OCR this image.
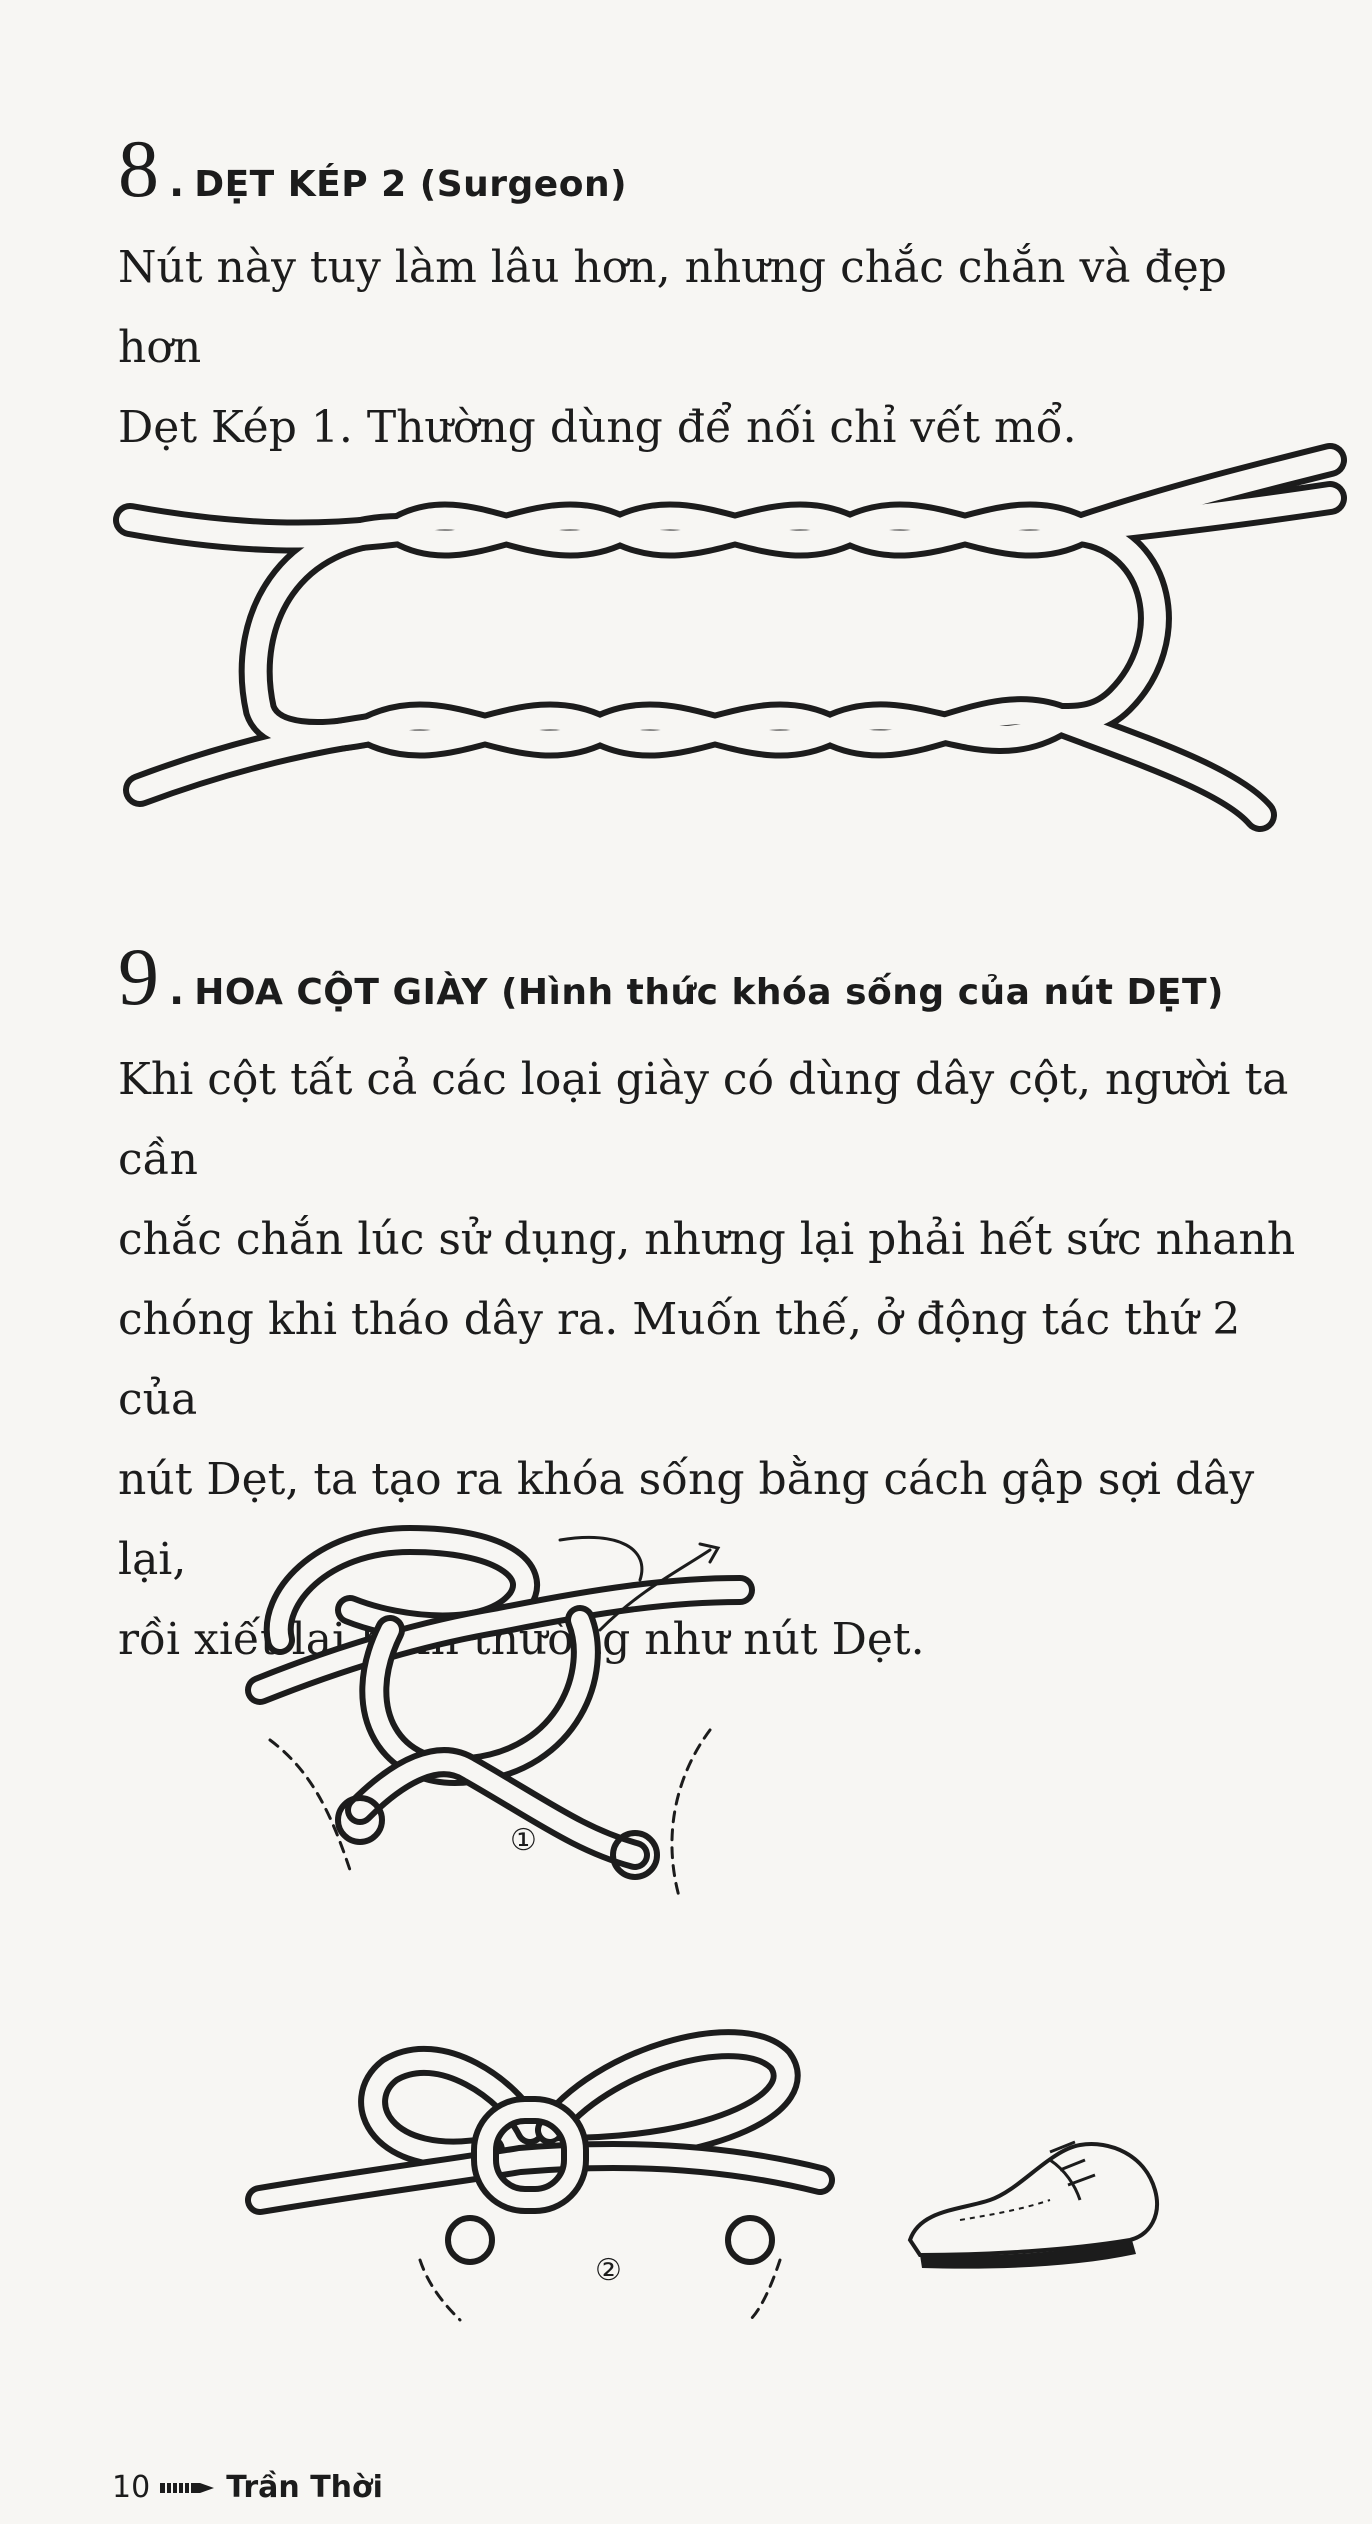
8 . DẸT KÉP 2 (Surgeon)

Nút này tuy làm lâu hơn, nhưng chắc chắn và đẹp hơn

Dẹt Kép 1. Thường dùng để nối chỉ vết mổ.

9 . HOA CỘT GIÀY (Hình thức khóa sống của nút DẸT)

Khi cột tất cả các loại giày có dùng dây cột, người ta cần

chắc chắn lúc sử dụng, nhưng lại phải hết sức nhanh

chóng khi tháo dây ra. Muốn thế, ở động tác thứ 2 của

nút Dẹt, ta tạo ra khóa sống bằng cách gập sợi dây lại,

rồi xiết lại bình thường như nút Dẹt.

①
②
10	Trần Thời
